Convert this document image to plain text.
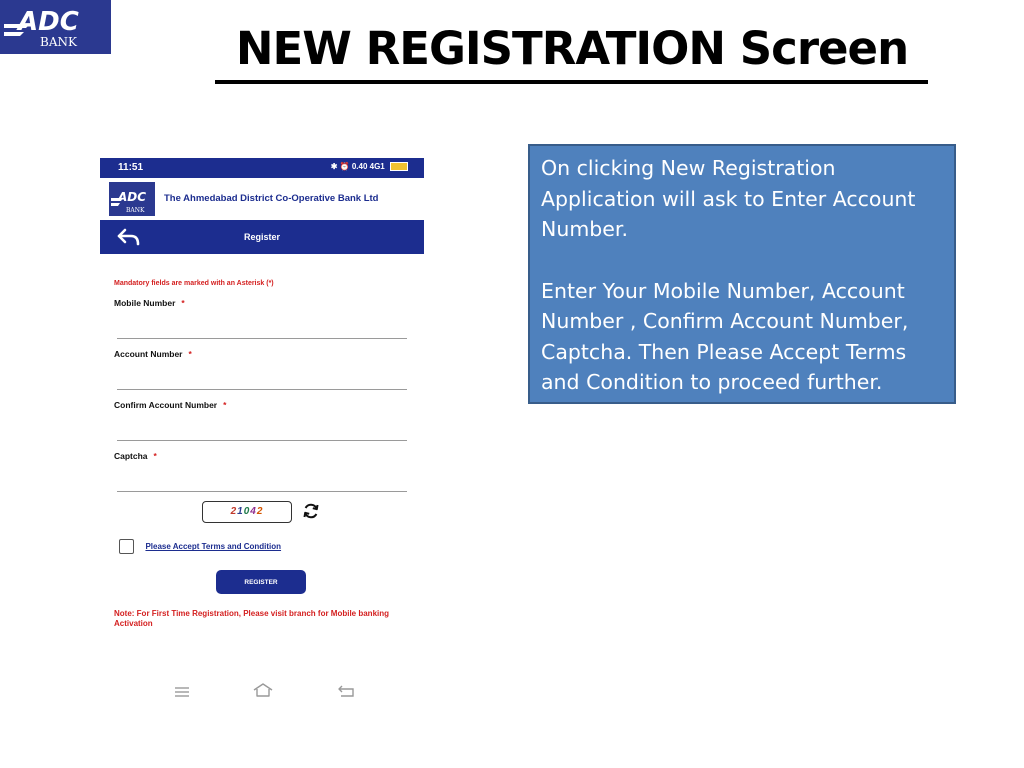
ADC
BANK	NEW REGISTRATION Screen
11:51	✱ ⏰ 0.40 4G1
ADC
BANK
The Ahmedabad District Co-Operative Bank Ltd
Register
Mandatory fields are marked with an Asterisk (*)
Mobile Number *
Account Number *
Confirm Account Number *
Captcha *
21042
Please Accept Terms and Condition
REGISTER
Note: For First Time Registration, Please visit branch for Mobile banking Activation

On clicking New Registration Application will ask to Enter Account Number.

Enter Your Mobile Number, Account Number , Confirm Account Number, Captcha. Then Please Accept Terms and Condition to proceed further.
